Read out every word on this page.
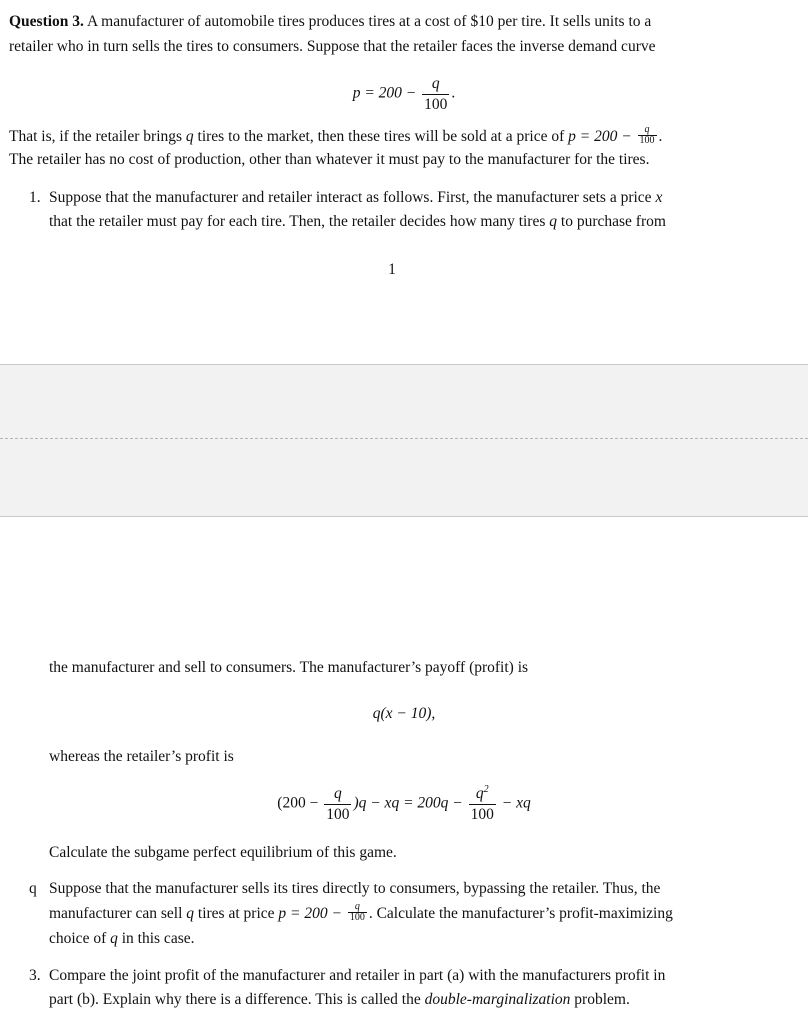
Question 3. A manufacturer of automobile tires produces tires at a cost of $10 per tire. It sells units to a
retailer who in turn sells the tires to consumers. Suppose that the retailer faces the inverse demand curve
$p = 200 - \frac{q}{100}$ .
That is, if the retailer brings q tires to the market, then these tires will be sold at a price of $p = 200 - \frac{q}{100}$ .
The retailer has no cost of production, other than whatever it must pay to the manufacturer for the tires.
1. Suppose that the manufacturer and retailer interact as follows. First, the manufacturer sets a price x
that the retailer must pay for each tire. Then, the retailer decides how many tires q to purchase from
1
the manufacturer and sell to consumers. The manufacturer’s payoff (profit) is
q(x − 10),
whereas the retailer’s profit is
$(200 - \frac{q}{100} )q$ − xq = $200q - \frac{q^2}{100}$ − xq
Calculate the subgame perfect equilibrium of this game.
q Suppose that the manufacturer sells its tires directly to consumers, bypassing the retailer. Thus, the
manufacturer can sell q tires at price $p = 200 - \frac{q}{100}$ . Calculate the manufacturer’s profit-maximizing
choice of q in this case.
3. Compare the joint profit of the manufacturer and retailer in part (a) with the manufacturers profit in
part (b). Explain why there is a difference. This is called the double-marginalization problem.
